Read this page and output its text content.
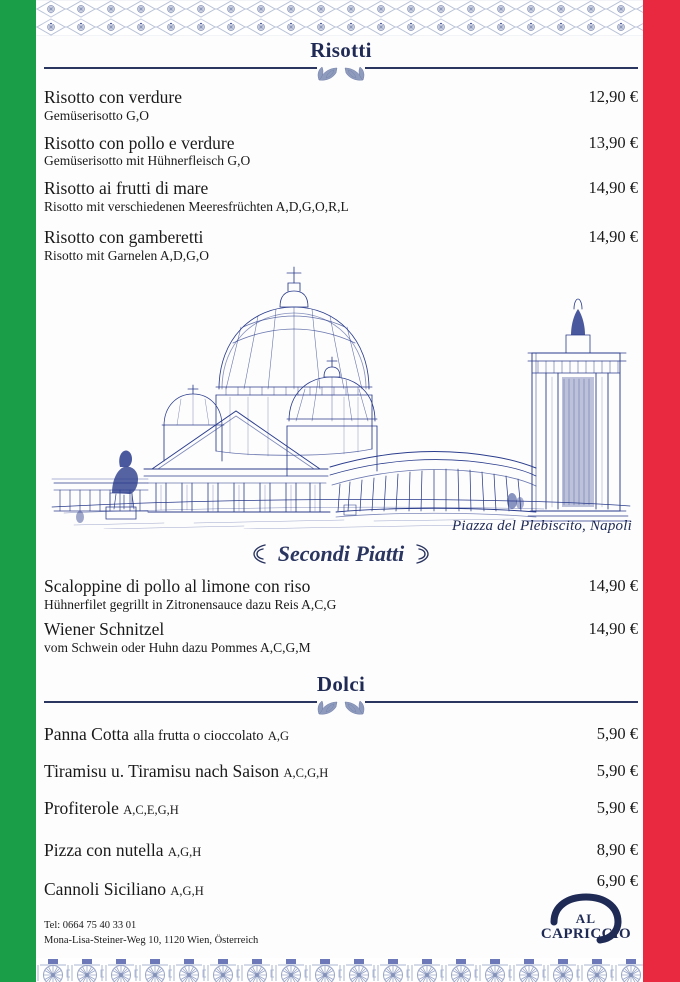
Risotti
Risotto con verdure
Gemüserisotto G,O
12,90 €
Risotto con pollo e verdure
Gemüserisotto mit Hühnerfleisch G,O
13,90 €
Risotto ai frutti di mare
Risotto mit verschiedenen Meeresfrüchten A,D,G,O,R,L
14,90 €
Risotto con gamberetti
Risotto mit Garnelen A,D,G,O
14,90 €
Piazza del Plebiscito, Napoli
Secondi Piatti
Scaloppine di pollo al limone con riso
Hühnerfilet gegrillt in Zitronensauce dazu Reis A,C,G
14,90 €
Wiener Schnitzel
vom Schwein oder Huhn dazu Pommes A,C,G,M
14,90 €
Dolci
Panna Cotta alla frutta o cioccolato A,G	5,90 €
Tiramisu u. Tiramisu nach Saison A,C,G,H	5,90 €
Profiterole A,C,E,G,H	5,90 €
Pizza con nutella A,G,H	8,90 €
Cannoli Siciliano A,G,H
6,90 €
Tel: 0664 75 40 33 01
Mona-Lisa-Steiner-Weg 10, 1120 Wien, Österreich
AL
CAPRICCIO
